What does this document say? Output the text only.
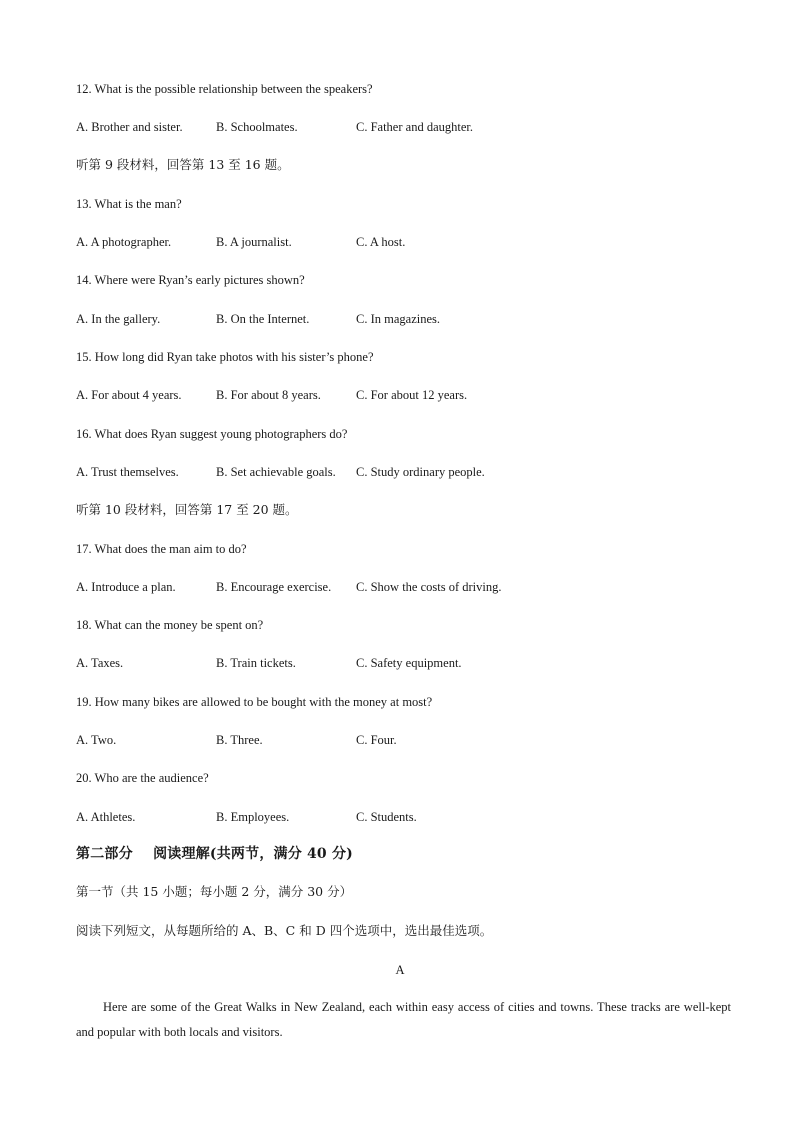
12. What is the possible relationship between the speakers?
A. Brother and sister.	B. Schoolmates.	C. Father and daughter.
听第 9 段材料，回答第 13 至 16 题。
13. What is the man?
A. A photographer.	B. A journalist.	C. A host.
14. Where were Ryan’s early pictures shown?
A. In the gallery.	B. On the Internet.	C. In magazines.
15. How long did Ryan take photos with his sister’s phone?
A. For about 4 years.	B. For about 8 years.	C. For about 12 years.
16. What does Ryan suggest young photographers do?
A. Trust themselves.	B. Set achievable goals. C. Study ordinary people.
听第 10 段材料，回答第 17 至 20 题。
17. What does the man aim to do?
A. Introduce a plan.	B. Encourage exercise. C. Show the costs of driving.
18. What can the money be spent on?
A. Taxes.	B. Train tickets.	C. Safety equipment.
19. How many bikes are allowed to be bought with the money at most?
A. Two.	B. Three.	C. Four.
20. Who are the audience?
A. Athletes.	B. Employees.	C. Students.
第二部分    阅读理解(共两节，满分 40 分)
第一节（共 15 小题；每小题 2 分，满分 30 分）
阅读下列短文，从每题所给的 A、B、C 和 D 四个选项中，选出最佳选项。
A
Here are some of the Great Walks in New Zealand, each within easy access of cities and towns. These tracks are well-kept and popular with both locals and visitors.
